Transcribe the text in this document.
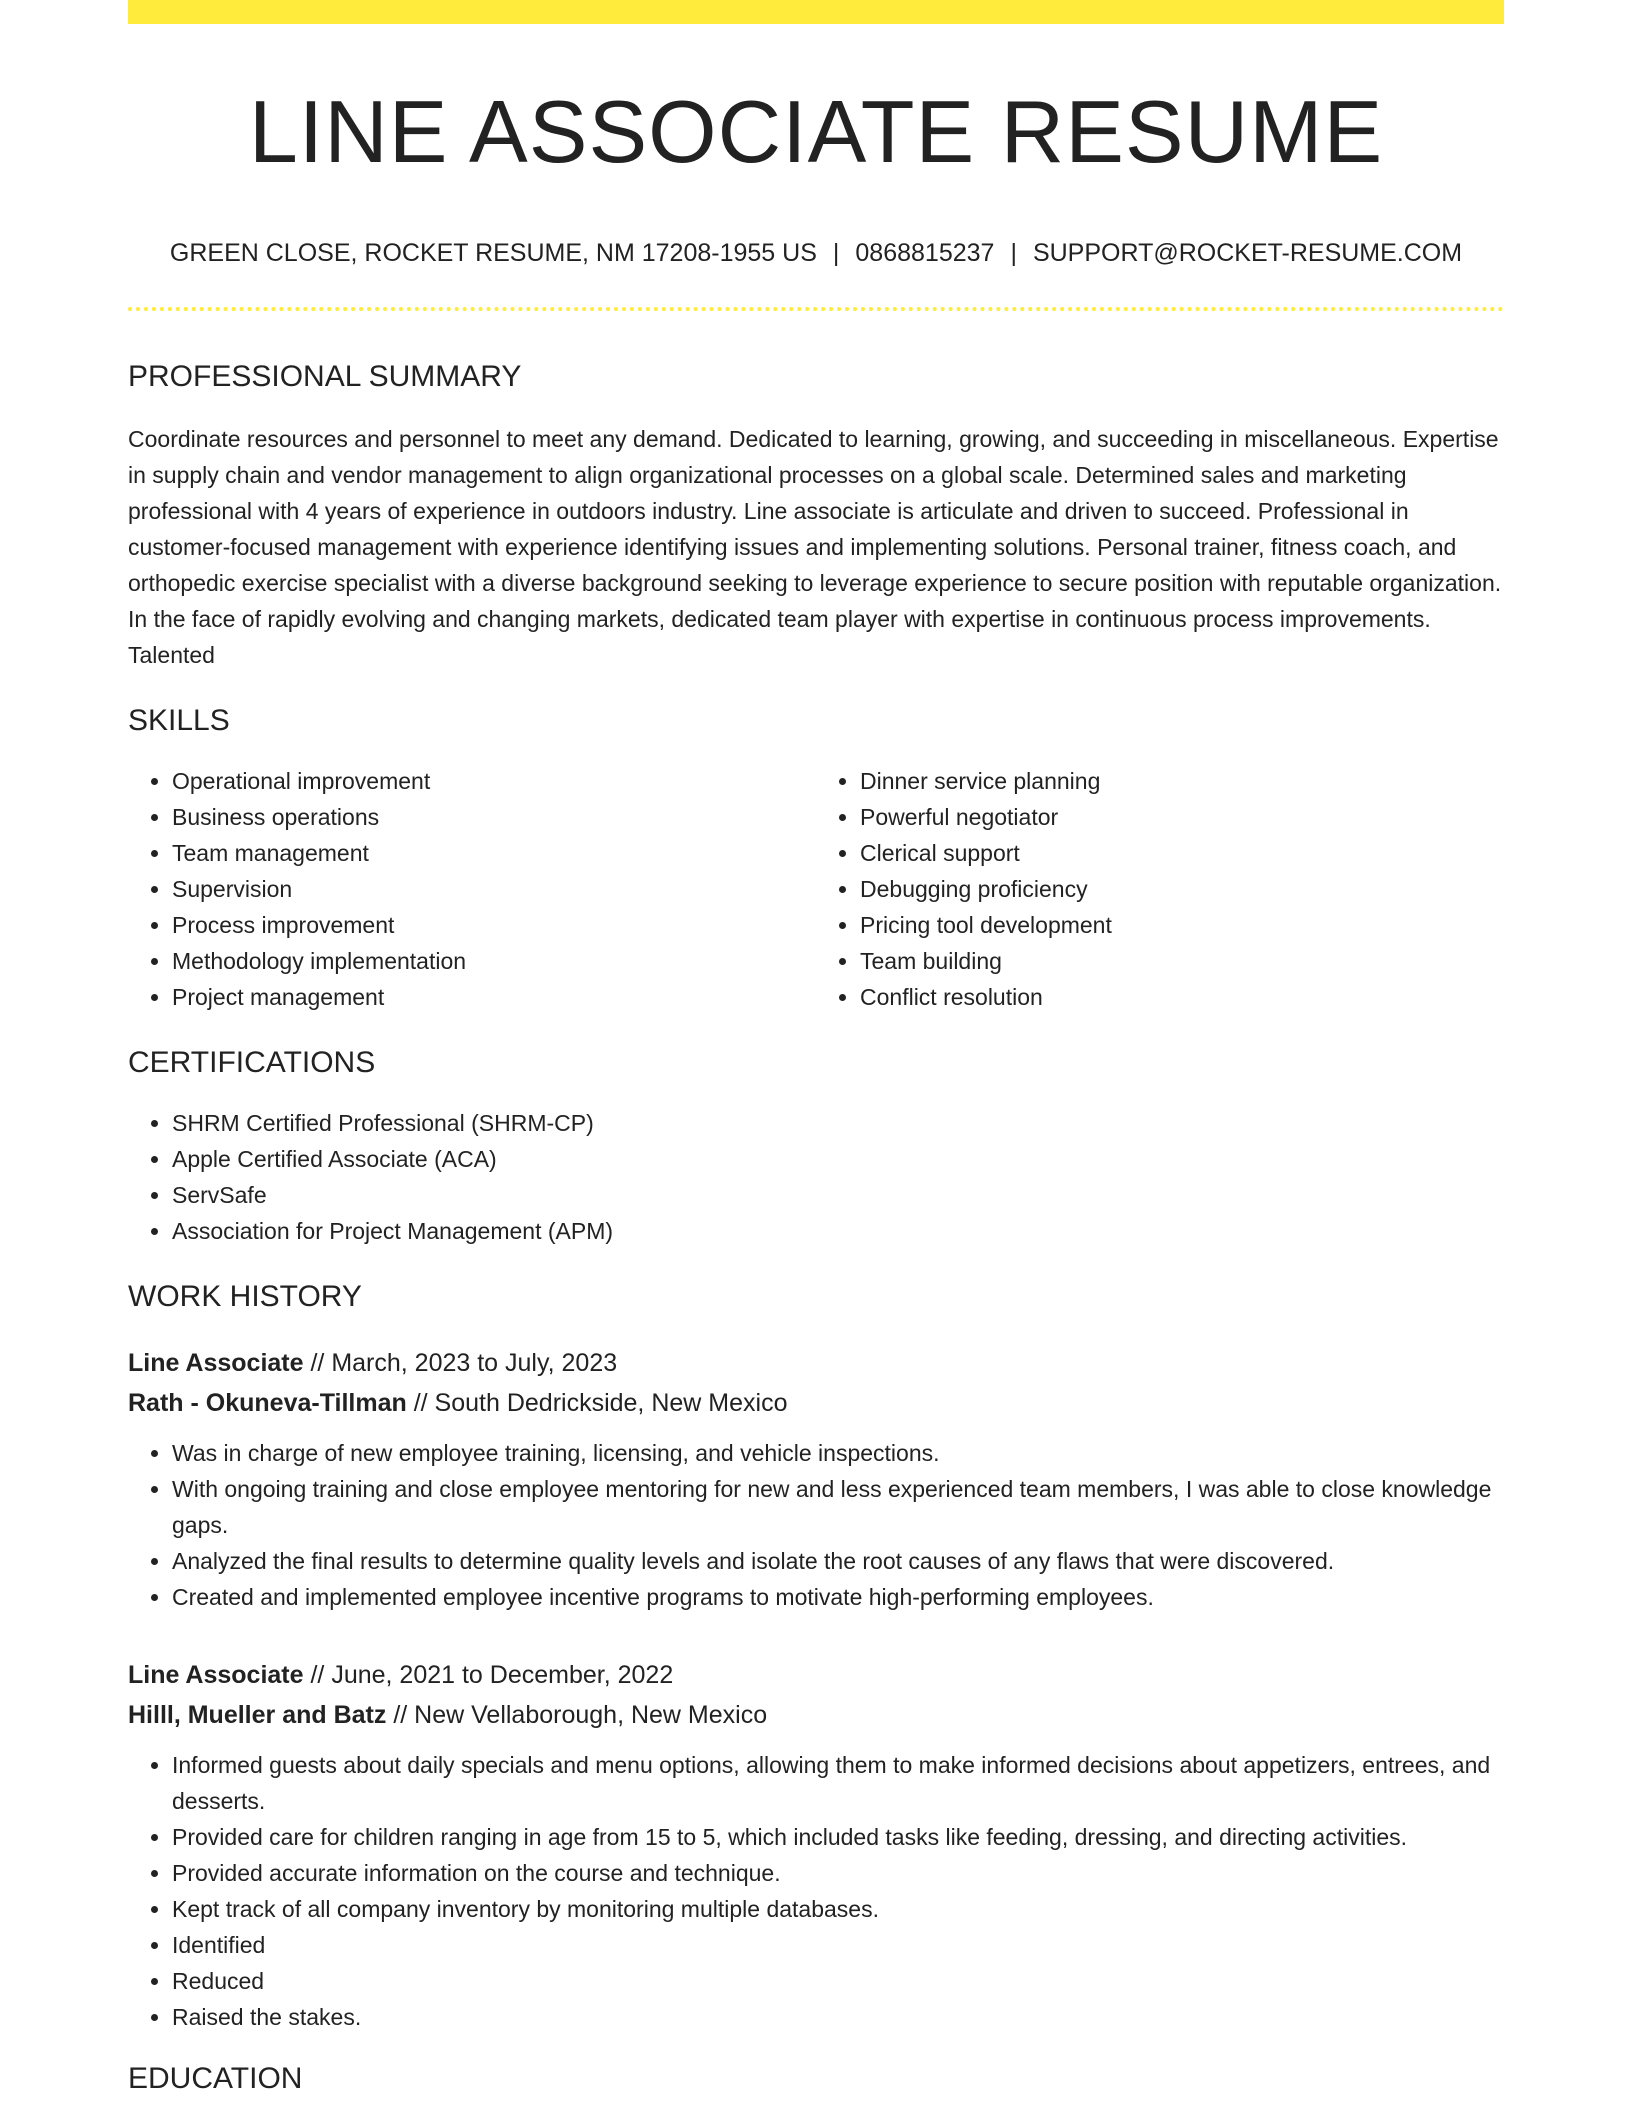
LINE ASSOCIATE RESUME
GREEN CLOSE, ROCKET RESUME, NM 17208-1955 US | 0868815237 | SUPPORT@ROCKET-RESUME.COM
PROFESSIONAL SUMMARY

Coordinate resources and personnel to meet any demand. Dedicated to learning, growing, and succeeding in miscellaneous. Expertise in supply chain and vendor management to align organizational processes on a global scale. Determined sales and marketing professional with 4 years of experience in outdoors industry. Line associate is articulate and driven to succeed. Professional in customer-focused management with experience identifying issues and implementing solutions. Personal trainer, fitness coach, and orthopedic exercise specialist with a diverse background seeking to leverage experience to secure position with reputable organization. In the face of rapidly evolving and changing markets, dedicated team player with expertise in continuous process improvements. Talented

SKILLS
• Operational improvement
• Business operations
• Team management
• Supervision
• Process improvement
• Methodology implementation
• Project management
• Dinner service planning
• Powerful negotiator
• Clerical support
• Debugging proficiency
• Pricing tool development
• Team building
• Conflict resolution
CERTIFICATIONS
• SHRM Certified Professional (SHRM-CP)
• Apple Certified Associate (ACA)
• ServSafe
• Association for Project Management (APM)
WORK HISTORY
Line Associate // March, 2023 to July, 2023
Rath - Okuneva-Tillman // South Dedrickside, New Mexico
• Was in charge of new employee training, licensing, and vehicle inspections.
• With ongoing training and close employee mentoring for new and less experienced team members, I was able to close knowledge gaps.
• Analyzed the final results to determine quality levels and isolate the root causes of any flaws that were discovered.
• Created and implemented employee incentive programs to motivate high-performing employees.
Line Associate // June, 2021 to December, 2022
Hilll, Mueller and Batz // New Vellaborough, New Mexico
• Informed guests about daily specials and menu options, allowing them to make informed decisions about appetizers, entrees, and desserts.
• Provided care for children ranging in age from 15 to 5, which included tasks like feeding, dressing, and directing activities.
• Provided accurate information on the course and technique.
• Kept track of all company inventory by monitoring multiple databases.
• Identified
• Reduced
• Raised the stakes.
EDUCATION
